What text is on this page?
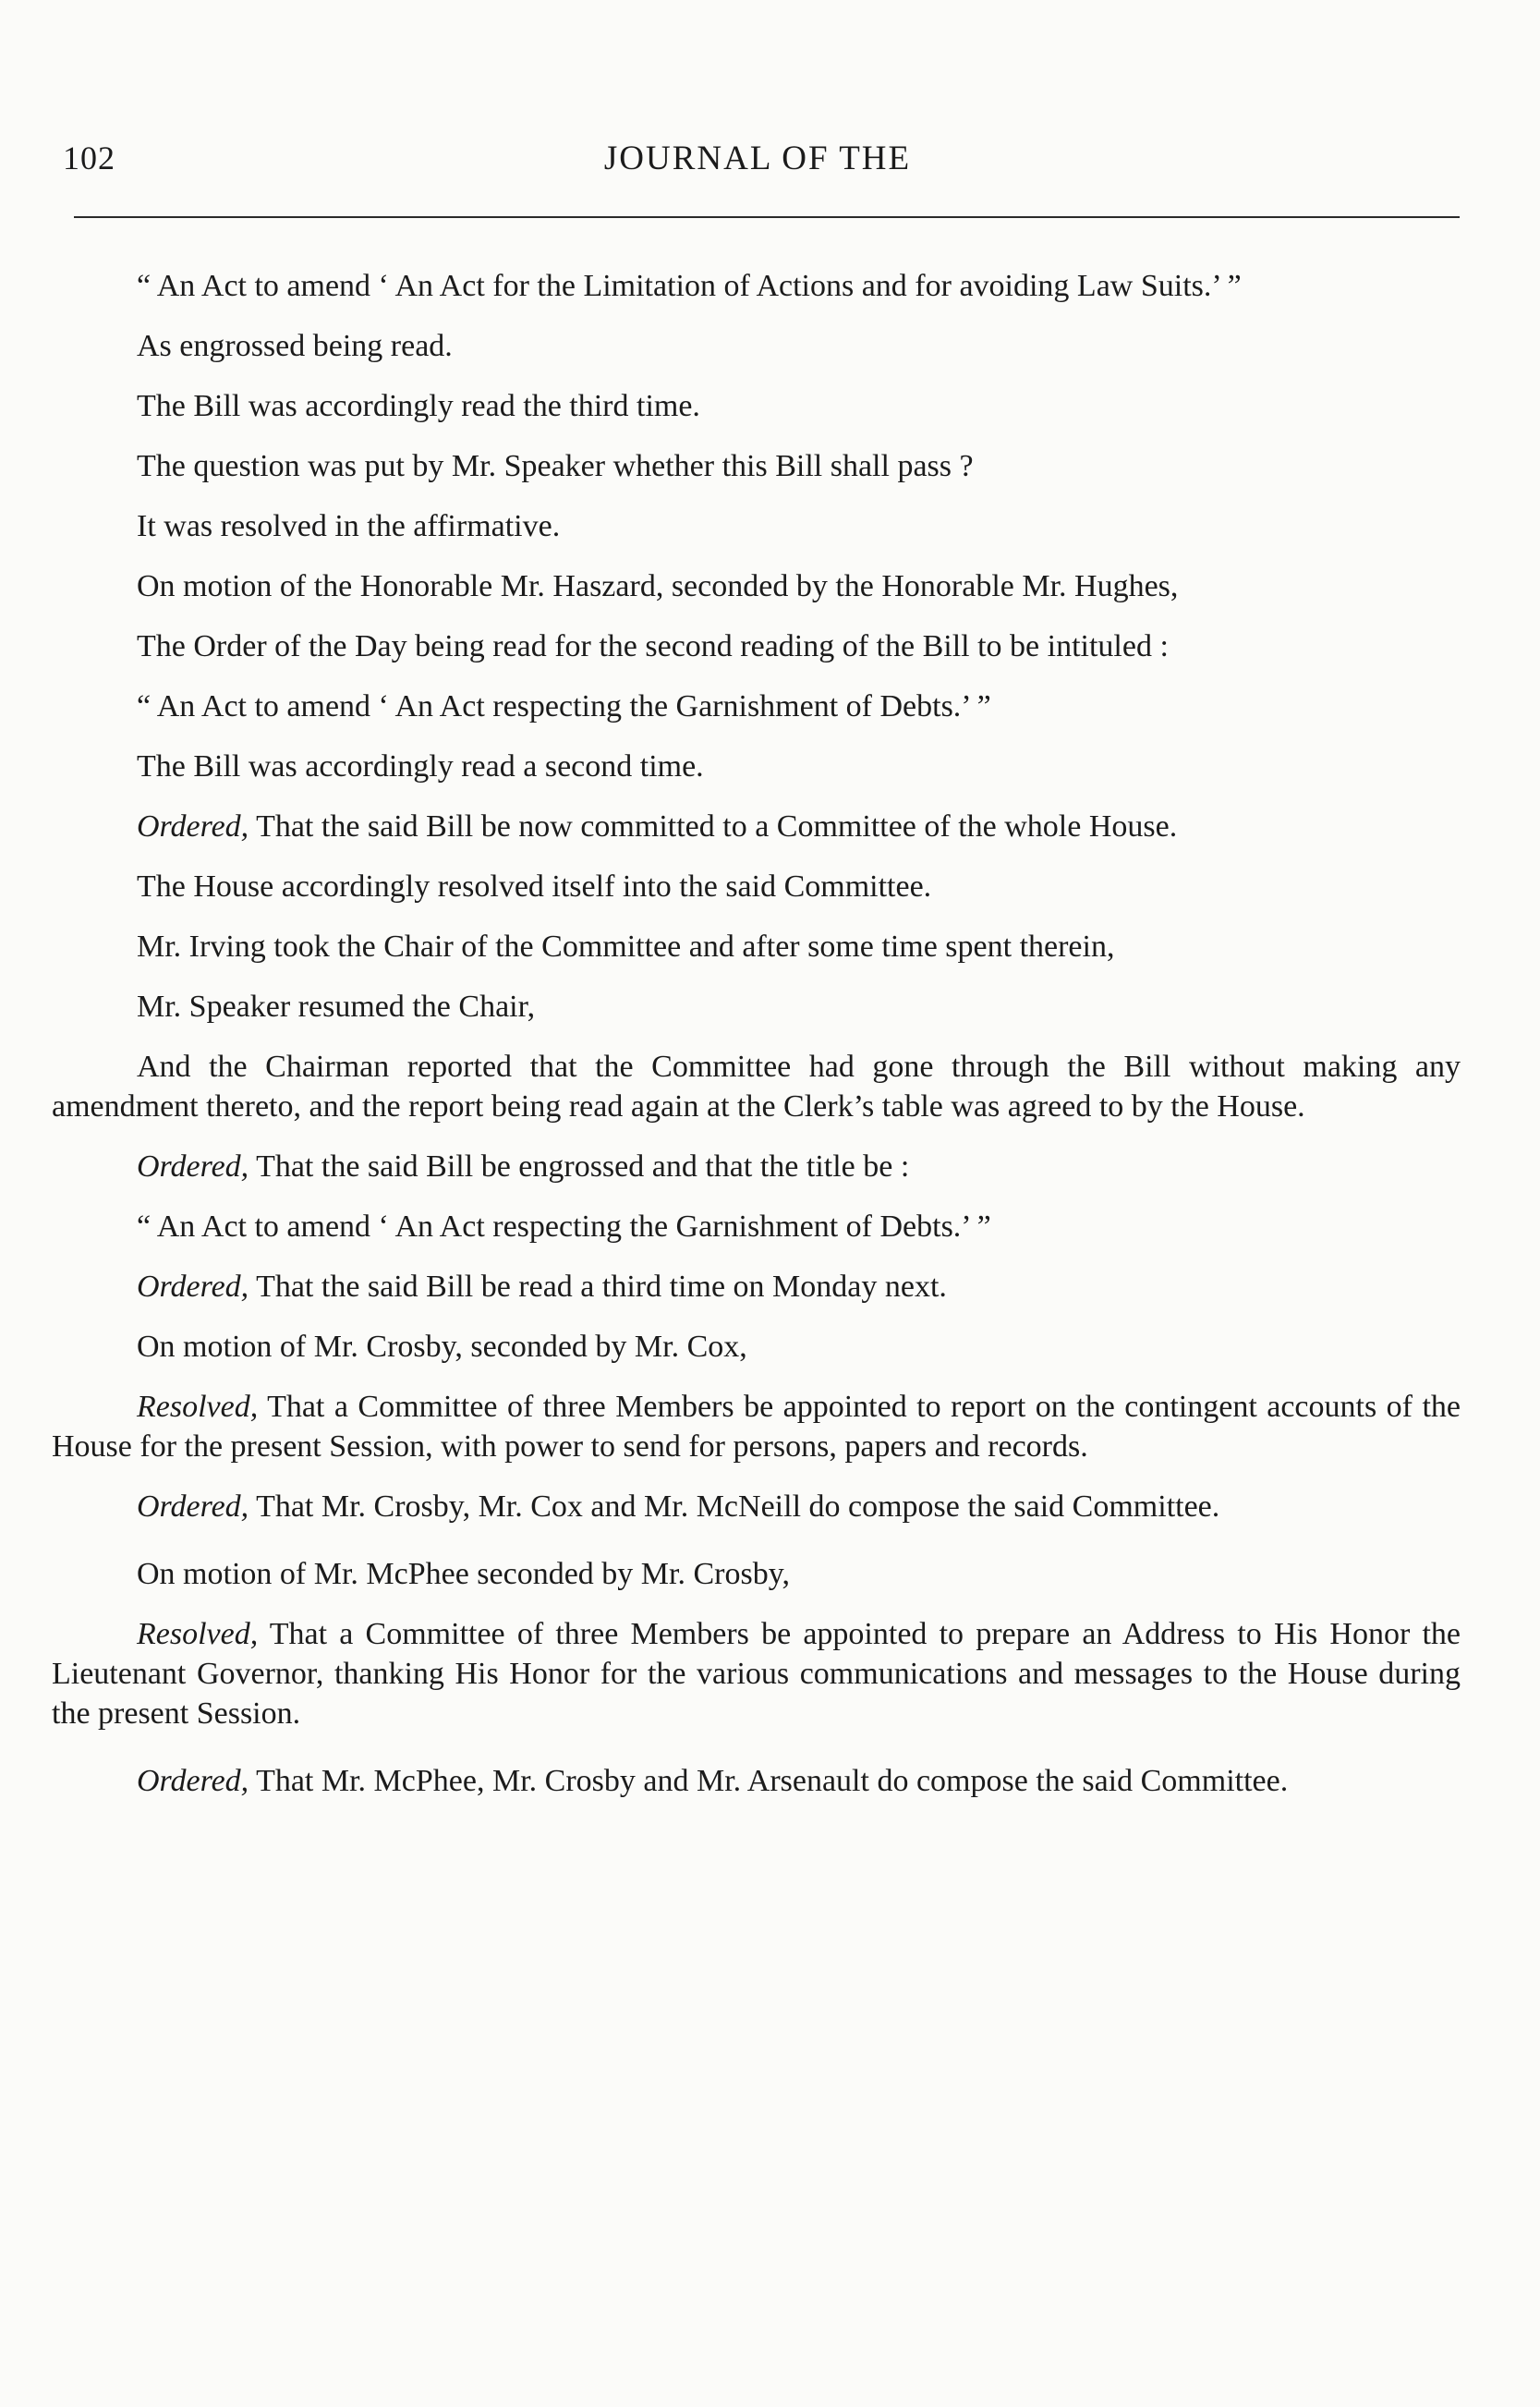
102	JOURNAL OF THE

“ An Act to amend ‘ An Act for the Limitation of Actions and for avoiding Law Suits.’ ”

As engrossed being read.

The Bill was accordingly read the third time.

The question was put by Mr. Speaker whether this Bill shall pass ?

It was resolved in the affirmative.

On motion of the Honorable Mr. Haszard, seconded by the Honorable Mr. Hughes,

The Order of the Day being read for the second reading of the Bill to be intituled :

“ An Act to amend ‘ An Act respecting the Garnishment of Debts.’ ”

The Bill was accordingly read a second time.

Ordered, That the said Bill be now committed to a Committee of the whole House.

The House accordingly resolved itself into the said Committee.

Mr. Irving took the Chair of the Committee and after some time spent therein,

Mr. Speaker resumed the Chair,

And the Chairman reported that the Committee had gone through the Bill without making any amendment thereto, and the report being read again at the Clerk’s table was agreed to by the House.

Ordered, That the said Bill be engrossed and that the title be :

“ An Act to amend ‘ An Act respecting the Garnishment of Debts.’ ”

Ordered, That the said Bill be read a third time on Monday next.

On motion of Mr. Crosby, seconded by Mr. Cox,

Resolved, That a Committee of three Members be appointed to report on the contingent accounts of the House for the present Session, with power to send for persons, papers and records.

Ordered, That Mr. Crosby, Mr. Cox and Mr. McNeill do compose the said Committee.

On motion of Mr. McPhee seconded by Mr. Crosby,

Resolved, That a Committee of three Members be appointed to prepare an Address to His Honor the Lieutenant Governor, thanking His Honor for the various communications and messages to the House during the present Session.

Ordered, That Mr. McPhee, Mr. Crosby and Mr. Arsenault do compose the said Committee.
